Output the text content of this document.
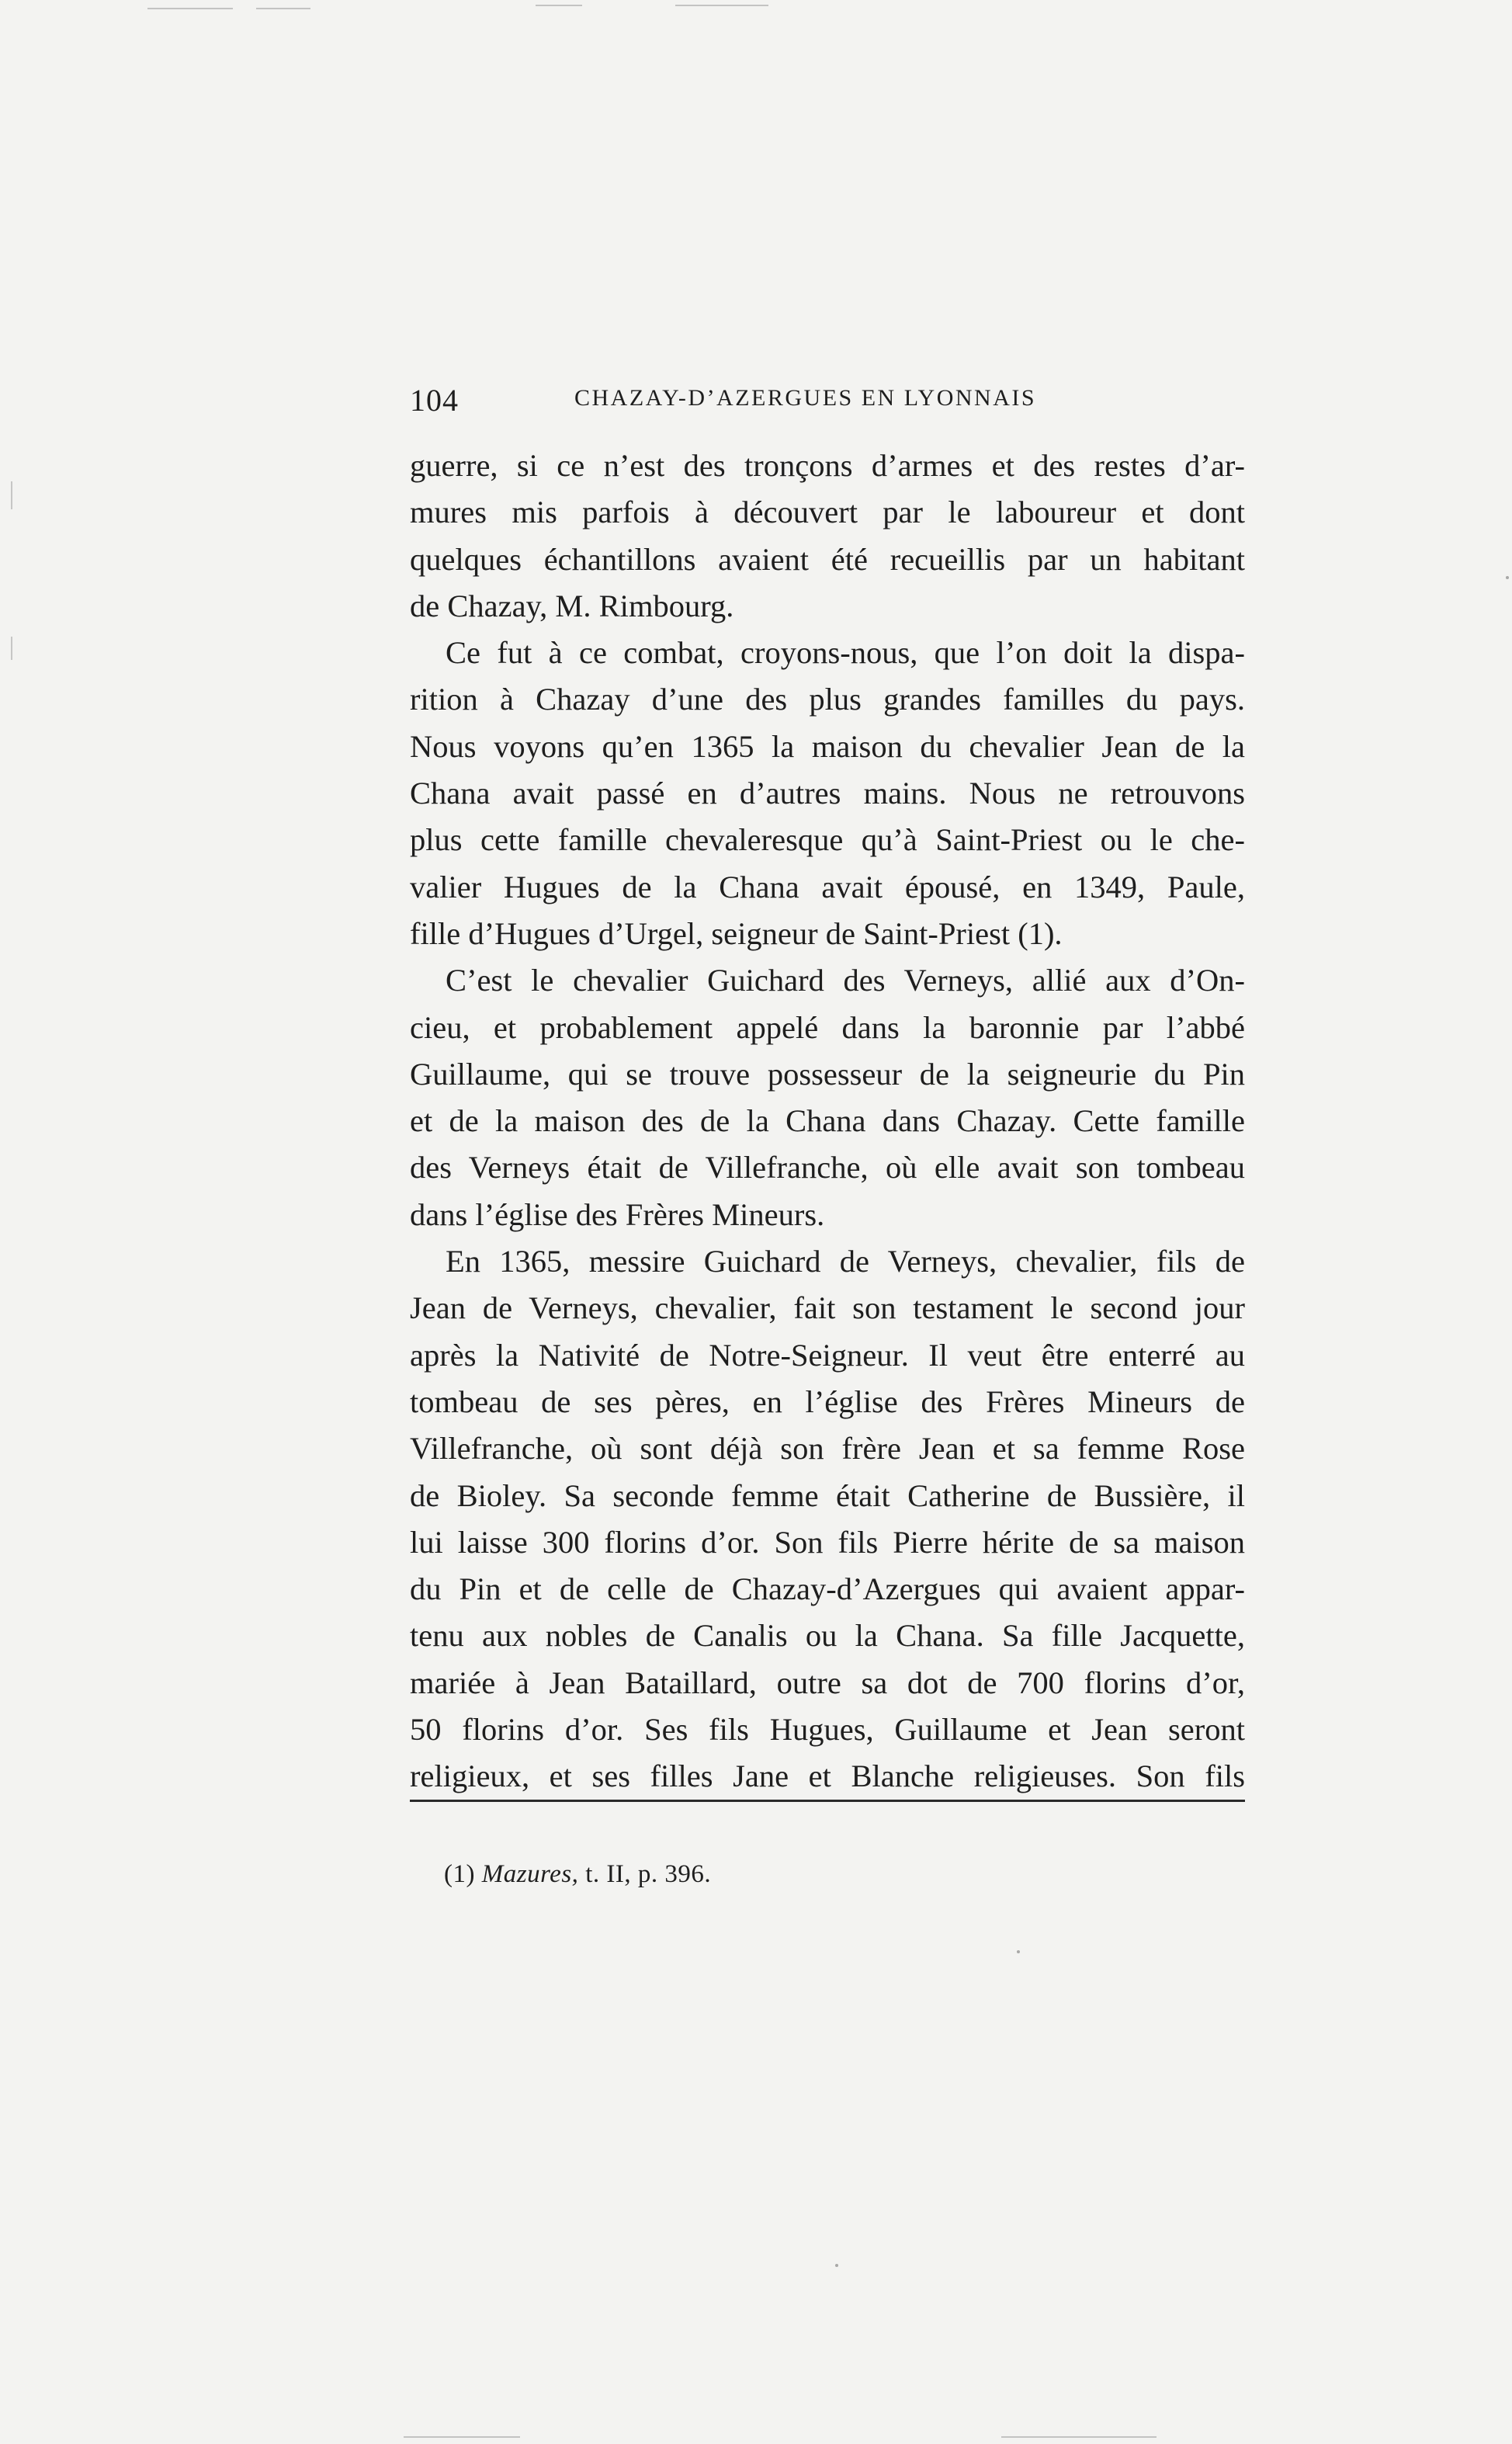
104	CHAZAY-D’AZERGUES EN LYONNAIS
guerre, si ce n’est des tronçons d’armes et des restes d’ar-
mures mis parfois à découvert par le laboureur et dont
quelques échantillons avaient été recueillis par un habitant
de Chazay, M. Rimbourg.
Ce fut à ce combat, croyons-nous, que l’on doit la dispa-
rition à Chazay d’une des plus grandes familles du pays.
Nous voyons qu’en 1365 la maison du chevalier Jean de la
Chana avait passé en d’autres mains. Nous ne retrouvons
plus cette famille chevaleresque qu’à Saint-Priest ou le che-
valier Hugues de la Chana avait épousé, en 1349, Paule,
fille d’Hugues d’Urgel, seigneur de Saint-Priest (1).
C’est le chevalier Guichard des Verneys, allié aux d’On-
cieu, et probablement appelé dans la baronnie par l’abbé
Guillaume, qui se trouve possesseur de la seigneurie du Pin
et de la maison des de la Chana dans Chazay. Cette famille
des Verneys était de Villefranche, où elle avait son tombeau
dans l’église des Frères Mineurs.
En 1365, messire Guichard de Verneys, chevalier, fils de
Jean de Verneys, chevalier, fait son testament le second jour
après la Nativité de Notre-Seigneur. Il veut être enterré au
tombeau de ses pères, en l’église des Frères Mineurs de
Villefranche, où sont déjà son frère Jean et sa femme Rose
de Bioley. Sa seconde femme était Catherine de Bussière, il
lui laisse 300 florins d’or. Son fils Pierre hérite de sa maison
du Pin et de celle de Chazay-d’Azergues qui avaient appar-
tenu aux nobles de Canalis ou la Chana. Sa fille Jacquette,
mariée à Jean Bataillard, outre sa dot de 700 florins d’or,
50 florins d’or. Ses fils Hugues, Guillaume et Jean seront
religieux, et ses filles Jane et Blanche religieuses. Son fils
(1) Mazures, t. II, p. 396.
